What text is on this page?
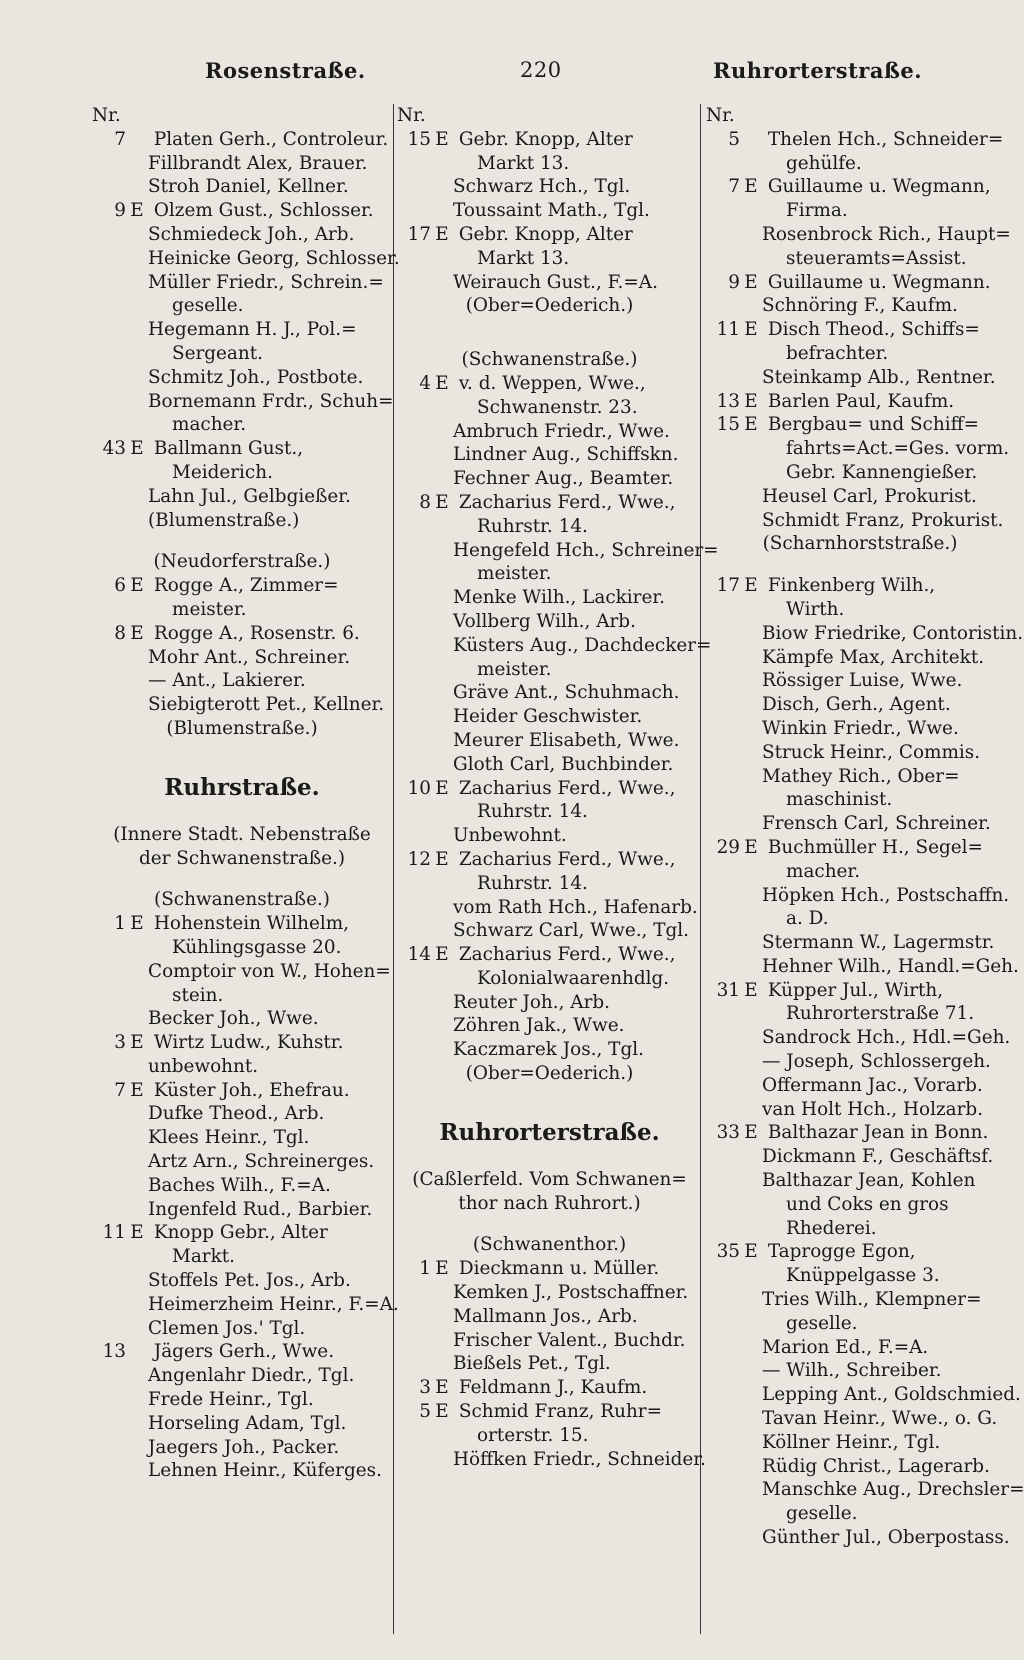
Rosenstraße.	220	Ruhrorterstraße.
Nr.
7 Platen Gerh., Controleur.
Fillbrandt Alex, Brauer.
Stroh Daniel, Kellner.
9 E Olzem Gust., Schlosser.
Schmiedeck Joh., Arb.
Heinicke Georg, Schlosser.
Müller Friedr., Schrein.=
geselle.
Hegemann H. J., Pol.=
Sergeant.
Schmitz Joh., Postbote.
Bornemann Frdr., Schuh=
macher.
43 E Ballmann Gust.,
Meiderich.
Lahn Jul., Gelbgießer.
(Blumenstraße.)
(Neudorferstraße.)
6 E Rogge A., Zimmer=
meister.
8 E Rogge A., Rosenstr. 6.
Mohr Ant., Schreiner.
— Ant., Lakierer.
Siebigterott Pet., Kellner.
(Blumenstraße.)
Ruhrstraße.
(Innere Stadt. Nebenstraße
der Schwanenstraße.)
(Schwanenstraße.)
1 E Hohenstein Wilhelm,
Kühlingsgasse 20.
Comptoir von W., Hohen=
stein.
Becker Joh., Wwe.
3 E Wirtz Ludw., Kuhstr.
unbewohnt.
7 E Küster Joh., Ehefrau.
Dufke Theod., Arb.
Klees Heinr., Tgl.
Artz Arn., Schreinerges.
Baches Wilh., F.=A.
Ingenfeld Rud., Barbier.
11 E Knopp Gebr., Alter
Markt.
Stoffels Pet. Jos., Arb.
Heimerzheim Heinr., F.=A.
Clemen Jos.' Tgl.
13 Jägers Gerh., Wwe.
Angenlahr Diedr., Tgl.
Frede Heinr., Tgl.
Horseling Adam, Tgl.
Jaegers Joh., Packer.
Lehnen Heinr., Küferges.
Nr.
15 E Gebr. Knopp, Alter
Markt 13.
Schwarz Hch., Tgl.
Toussaint Math., Tgl.
17 E Gebr. Knopp, Alter
Markt 13.
Weirauch Gust., F.=A.
(Ober=Oederich.)
(Schwanenstraße.)
4 E v. d. Weppen, Wwe.,
Schwanenstr. 23.
Ambruch Friedr., Wwe.
Lindner Aug., Schiffskn.
Fechner Aug., Beamter.
8 E Zacharius Ferd., Wwe.,
Ruhrstr. 14.
Hengefeld Hch., Schreiner=
meister.
Menke Wilh., Lackirer.
Vollberg Wilh., Arb.
Küsters Aug., Dachdecker=
meister.
Gräve Ant., Schuhmach.
Heider Geschwister.
Meurer Elisabeth, Wwe.
Gloth Carl, Buchbinder.
10 E Zacharius Ferd., Wwe.,
Ruhrstr. 14.
Unbewohnt.
12 E Zacharius Ferd., Wwe.,
Ruhrstr. 14.
vom Rath Hch., Hafenarb.
Schwarz Carl, Wwe., Tgl.
14 E Zacharius Ferd., Wwe.,
Kolonialwaarenhdlg.
Reuter Joh., Arb.
Zöhren Jak., Wwe.
Kaczmarek Jos., Tgl.
(Ober=Oederich.)
Ruhrorterstraße.
(Caßlerfeld. Vom Schwanen=
thor nach Ruhrort.)
(Schwanenthor.)
1 E Dieckmann u. Müller.
Kemken J., Postschaffner.
Mallmann Jos., Arb.
Frischer Valent., Buchdr.
Bießels Pet., Tgl.
3 E Feldmann J., Kaufm.
5 E Schmid Franz, Ruhr=
orterstr. 15.
Höffken Friedr., Schneider.
Nr.
5 Thelen Hch., Schneider=
gehülfe.
7 E Guillaume u. Wegmann,
Firma.
Rosenbrock Rich., Haupt=
steueramts=Assist.
9 E Guillaume u. Wegmann.
Schnöring F., Kaufm.
11 E Disch Theod., Schiffs=
befrachter.
Steinkamp Alb., Rentner.
13 E Barlen Paul, Kaufm.
15 E Bergbau= und Schiff=
fahrts=Act.=Ges. vorm.
Gebr. Kannengießer.
Heusel Carl, Prokurist.
Schmidt Franz, Prokurist.
(Scharnhorststraße.)
17 E Finkenberg Wilh.,
Wirth.
Biow Friedrike, Contoristin.
Kämpfe Max, Architekt.
Rössiger Luise, Wwe.
Disch, Gerh., Agent.
Winkin Friedr., Wwe.
Struck Heinr., Commis.
Mathey Rich., Ober=
maschinist.
Frensch Carl, Schreiner.
29 E Buchmüller H., Segel=
macher.
Höpken Hch., Postschaffn.
a. D.
Stermann W., Lagermstr.
Hehner Wilh., Handl.=Geh.
31 E Küpper Jul., Wirth,
Ruhrorterstraße 71.
Sandrock Hch., Hdl.=Geh.
— Joseph, Schlossergeh.
Offermann Jac., Vorarb.
van Holt Hch., Holzarb.
33 E Balthazar Jean in Bonn.
Dickmann F., Geschäftsf.
Balthazar Jean, Kohlen
und Coks en gros
Rhederei.
35 E Taprogge Egon,
Knüppelgasse 3.
Tries Wilh., Klempner=
geselle.
Marion Ed., F.=A.
— Wilh., Schreiber.
Lepping Ant., Goldschmied.
Tavan Heinr., Wwe., o. G.
Köllner Heinr., Tgl.
Rüdig Christ., Lagerarb.
Manschke Aug., Drechsler=
geselle.
Günther Jul., Oberpostass.
